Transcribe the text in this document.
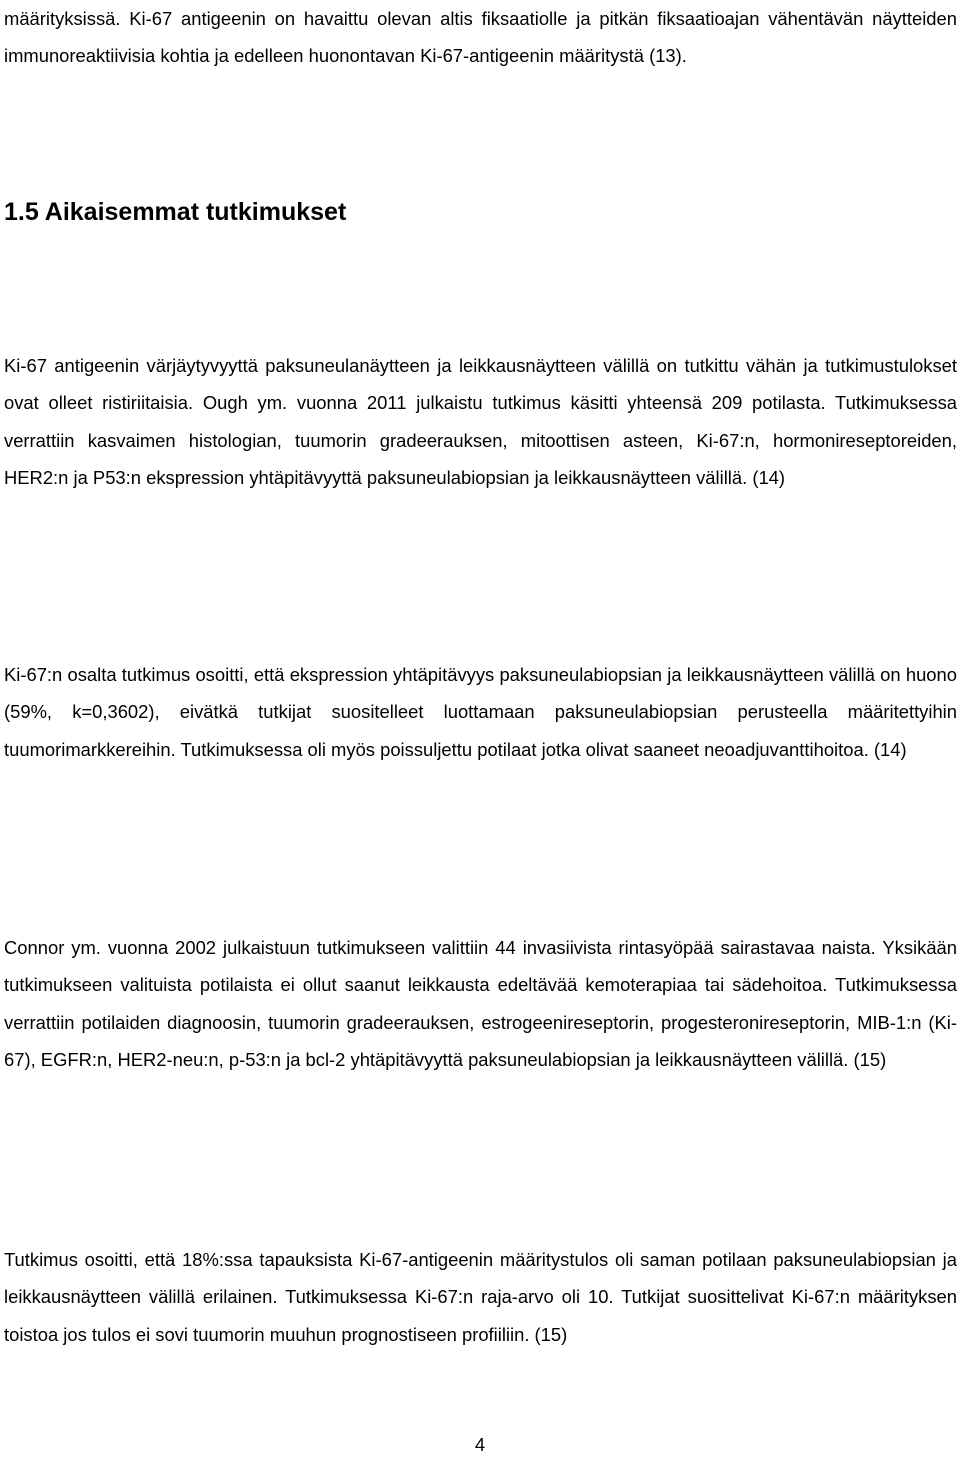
määrityksissä. Ki-67 antigeenin on havaittu olevan altis fiksaatiolle ja pitkän fiksaatioajan vähentävän näytteiden immunoreaktiivisia kohtia ja edelleen huonontavan Ki-67-antigeenin määritystä (13).

1.5 Aikaisemmat tutkimukset

Ki-67 antigeenin värjäytyvyyttä paksuneulanäytteen ja leikkausnäytteen välillä on tutkittu vähän ja tutkimustulokset ovat olleet ristiriitaisia. Ough ym. vuonna 2011 julkaistu tutkimus käsitti yhteensä 209 potilasta. Tutkimuksessa verrattiin kasvaimen histologian, tuumorin gradeerauksen, mitoottisen asteen, Ki-67:n, hormonireseptoreiden, HER2:n ja P53:n ekspression yhtäpitävyyttä paksuneulabiopsian ja leikkausnäytteen välillä. (14)

Ki-67:n osalta tutkimus osoitti, että ekspression yhtäpitävyys paksuneulabiopsian ja leikkausnäytteen välillä on huono (59%, k=0,3602), eivätkä tutkijat suositelleet luottamaan paksuneulabiopsian perusteella määritettyihin tuumorimarkkereihin. Tutkimuksessa oli myös poissuljettu potilaat jotka olivat saaneet neoadjuvanttihoitoa. (14)

Connor ym. vuonna 2002 julkaistuun tutkimukseen valittiin 44 invasiivista rintasyöpää sairastavaa naista. Yksikään tutkimukseen valituista potilaista ei ollut saanut leikkausta edeltävää kemoterapiaa tai sädehoitoa. Tutkimuksessa verrattiin potilaiden diagnoosin, tuumorin gradeerauksen, estrogeenireseptorin, progesteronireseptorin, MIB-1:n (Ki-67), EGFR:n, HER2-neu:n, p-53:n ja bcl-2 yhtäpitävyyttä paksuneulabiopsian ja leikkausnäytteen välillä. (15)

Tutkimus osoitti, että 18%:ssa tapauksista Ki-67-antigeenin määritystulos oli saman potilaan paksuneulabiopsian ja leikkausnäytteen välillä erilainen. Tutkimuksessa Ki-67:n raja-arvo oli 10. Tutkijat suosittelivat Ki-67:n määrityksen toistoa jos tulos ei sovi tuumorin muuhun prognostiseen profiiliin. (15)

4
